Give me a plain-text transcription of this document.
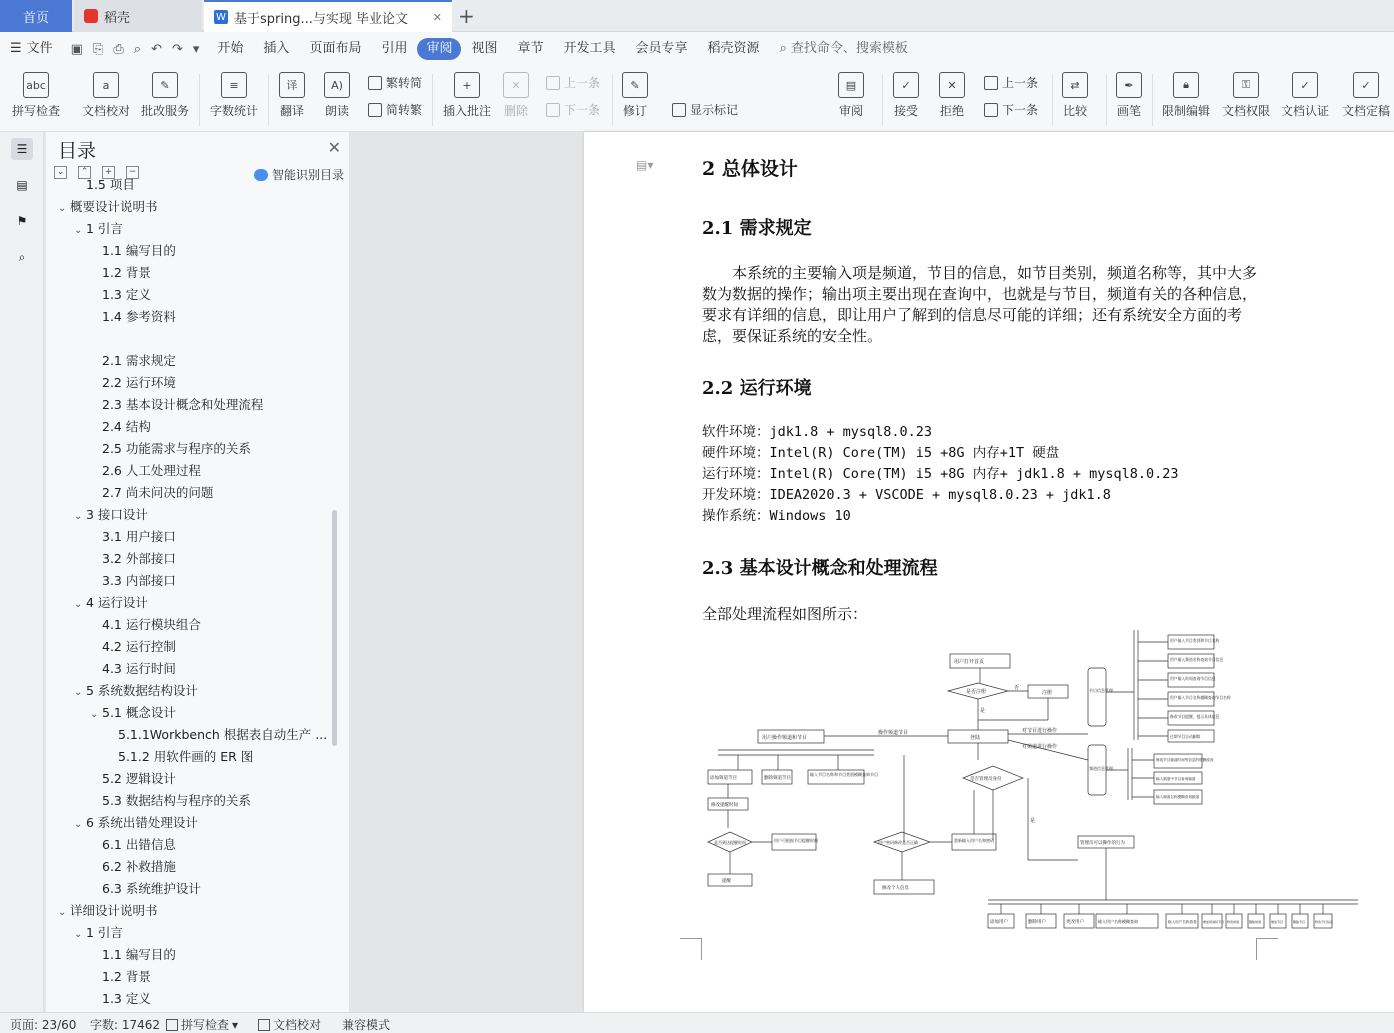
首页	稻壳	W 基于spring...与实现 毕业论文 ✕ +
☰ 文件 ▣ ⎘ ⎙ ⌕ ↶ ↷ ▾	开始	插入	页面布局	引用	审阅	视图	章节	开发工具	会员专享	稻壳资源	⌕ 查找命令、搜索模板
abc
拼写检查
a
文档校对
✎
批改服务
≡
字数统计
译
翻译
A)
朗读
繁转简
简转繁
+
插入批注
✕
删除
上一条
下一条
✎
修订	显示标记
▤
审阅
✓
接受
✕
拒绝
上一条
下一条
⇄
比较
✒
画笔
🔒︎
限制编辑
⚿
文档权限
✓
文档认证
✓
文档定稿
☰
▤
⚑
⌕
目录	✕
⌄	⌃	+	−	智能识别目录
1.5 项目
⌄ 概要设计说明书
⌄ 1 引言
1.1 编写目的
1.2 背景
1.3 定义
1.4 参考资料
2.1 需求规定
2.2 运行环境
2.3 基本设计概念和处理流程
2.4 结构
2.5 功能需求与程序的关系
2.6 人工处理过程
2.7 尚未问决的问题
⌄ 3 接口设计
3.1 用户接口
3.2 外部接口
3.3 内部接口
⌄ 4 运行设计
4.1 运行模块组合
4.2 运行控制
4.3 运行时间
⌄ 5 系统数据结构设计
⌄ 5.1 概念设计
5.1.1Workbench 根据表自动生产 ...
5.1.2 用软件画的 ER 图
5.2 逻辑设计
5.3 数据结构与程序的关系
⌄ 6 系统出错处理设计
6.1 出错信息
6.2 补救措施
6.3 系统维护设计
⌄ 详细设计说明书
⌄ 1 引言
1.1 编写目的
1.2 背景
1.3 定义
▤▾	2 总体设计
2.1 需求规定
本系统的主要输入项是频道，节目的信息，如节目类别，频道名称等，其中大多数为数据的操作；输出项主要出现在查询中，也就是与节目，频道有关的各种信息，要求有详细的信息，即让用户了解到的信息尽可能的详细；还有系统安全方面的考虑，要保证系统的安全性。
2.2 运行环境
软件环境：jdk1.8 + mysql8.0.23
硬件环境：Intel(R) Core(TM) i5 +8G 内存+1T 硬盘
运行环境：Intel(R) Core(TM) i5 +8G 内存+ jdk1.8 + mysql8.0.23
开发环境：IDEA2020.3 + VSCODE + mysql8.0.23 + jdk1.8
操作系统：Windows 10
2.3 基本设计概念和处理流程
全部处理流程如图所示：
用户打开首页
是否注册	注册
否
是
登陆
节目信息管理
频道信息管理
操作频道节目	对节目进行操作
对频道进行操作
是否管理员身份
是
管理员可以操作的行为
用户操作频道和节目
添加频道节目	删除频道节目
输入节目名称和节目类别模糊查询节目
修改提醒时间
是否到达提醒时间	用户可根据节目提醒时间
提醒
用户密码修改是否正确	重新输入用户名和密码
修改个人信息
用户输入节目类别和节目名称
用户输入频道名称查询节目信息
用户输入时间查询节目信息
用户输入节目名称模糊查询节目名称
修改节目提醒，提示具体信息
过期节目自动删除
修改节目频道时间等信息的增删改查
输入频道中节目查询频道
输入频道名称模糊查询频道
添加用户	删除用户	更改用户	输入用户名称模糊查询	输入用户名称查看 增加频道和节目 修改频道	删除频道	增加节目	删除节目	修改节目信息
页面: 23/60 字数: 17462 拼写检查 ▾	文档校对 兼容模式
